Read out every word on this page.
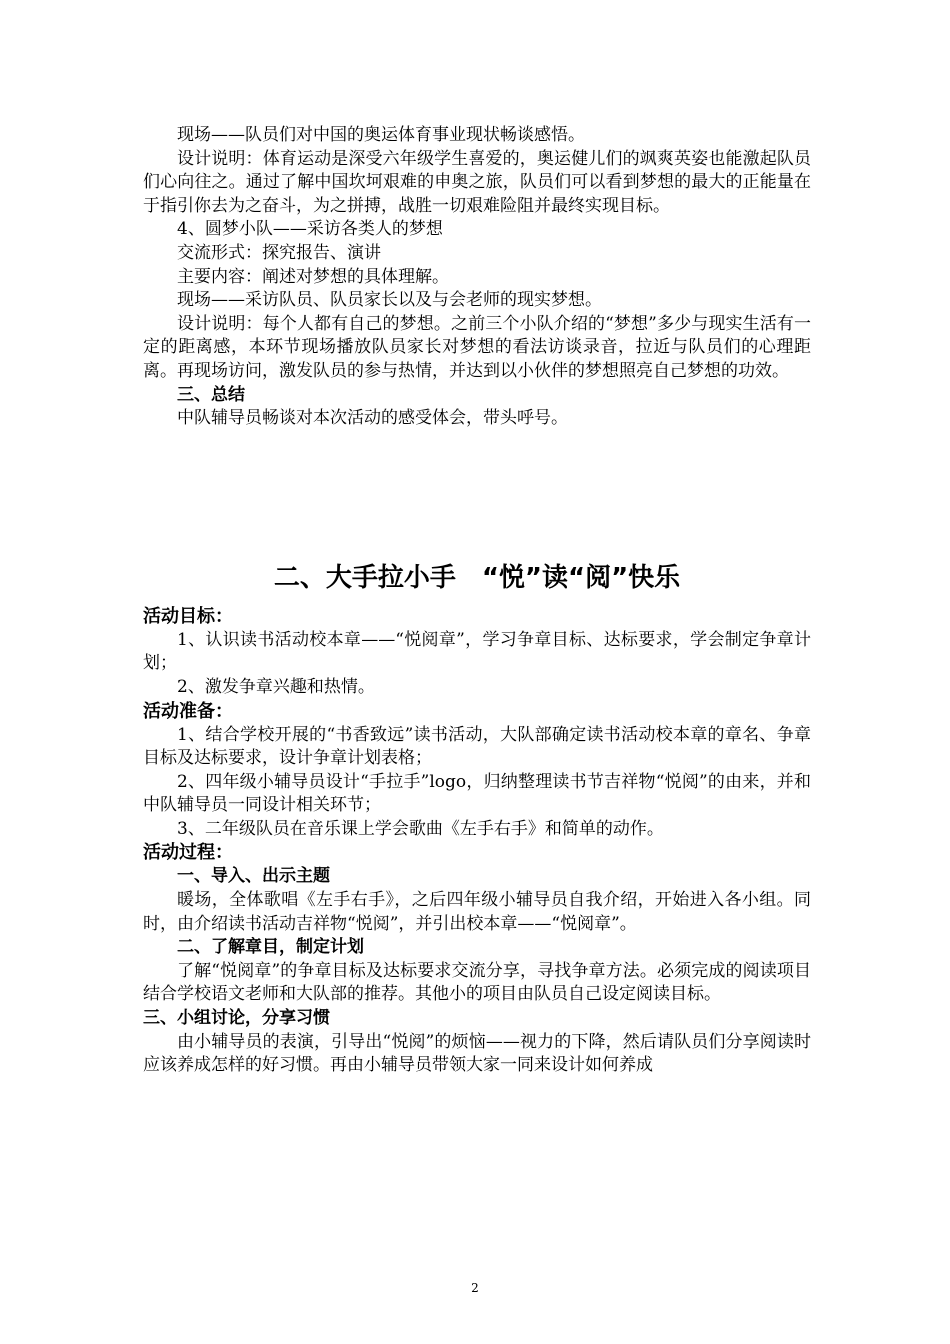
现场——队员们对中国的奥运体育事业现状畅谈感悟。

设计说明：体育运动是深受六年级学生喜爱的，奥运健儿们的飒爽英姿也能激起队员们心向往之。通过了解中国坎坷艰难的申奥之旅，队员们可以看到梦想的最大的正能量在于指引你去为之奋斗，为之拼搏，战胜一切艰难险阻并最终实现目标。

4、圆梦小队——采访各类人的梦想

交流形式：探究报告、演讲

主要内容：阐述对梦想的具体理解。

现场——采访队员、队员家长以及与会老师的现实梦想。

设计说明：每个人都有自己的梦想。之前三个小队介绍的“梦想”多少与现实生活有一定的距离感，本环节现场播放队员家长对梦想的看法访谈录音，拉近与队员们的心理距离。再现场访问，激发队员的参与热情，并达到以小伙伴的梦想照亮自己梦想的功效。

三、总结

中队辅导员畅谈对本次活动的感受体会，带头呼号。

二、大手拉小手　“悦”读“阅”快乐

活动目标：

1、认识读书活动校本章——“悦阅章”，学习争章目标、达标要求，学会制定争章计划；

2、激发争章兴趣和热情。

活动准备：

1、结合学校开展的“书香致远”读书活动，大队部确定读书活动校本章的章名、争章目标及达标要求，设计争章计划表格；

2、四年级小辅导员设计“手拉手”logo，归纳整理读书节吉祥物“悦阅”的由来，并和中队辅导员一同设计相关环节；

3、二年级队员在音乐课上学会歌曲《左手右手》和简单的动作。

活动过程：

一、导入、出示主题

暖场，全体歌唱《左手右手》，之后四年级小辅导员自我介绍，开始进入各小组。同时，由介绍读书活动吉祥物“悦阅”，并引出校本章——“悦阅章”。

二、了解章目，制定计划

了解“悦阅章”的争章目标及达标要求交流分享，寻找争章方法。必须完成的阅读项目结合学校语文老师和大队部的推荐。其他小的项目由队员自己设定阅读目标。

三、小组讨论，分享习惯

由小辅导员的表演，引导出“悦阅”的烦恼——视力的下降，然后请队员们分享阅读时应该养成怎样的好习惯。再由小辅导员带领大家一同来设计如何养成

2
